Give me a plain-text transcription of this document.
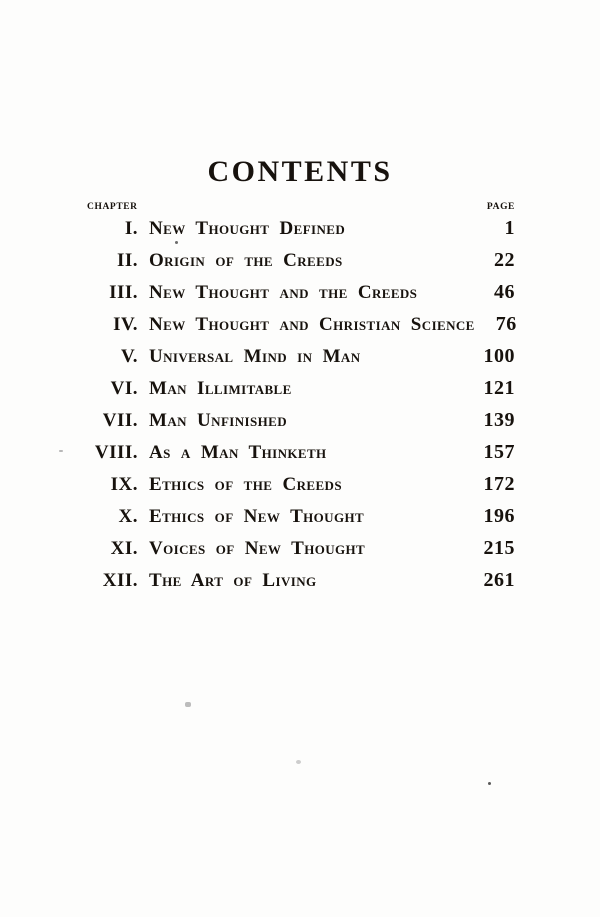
CONTENTS
CHAPTER	PAGE
I. New Thought Defined	1
II. Origin of the Creeds	22
III. New Thought and the Creeds	46
IV. New Thought and Christian Science	76
V. Universal Mind in Man	100
VI. Man Illimitable	121
VII. Man Unfinished	139
VIII. As a Man Thinketh	157
IX. Ethics of the Creeds	172
X. Ethics of New Thought	196
XI. Voices of New Thought	215
XII. The Art of Living	261
